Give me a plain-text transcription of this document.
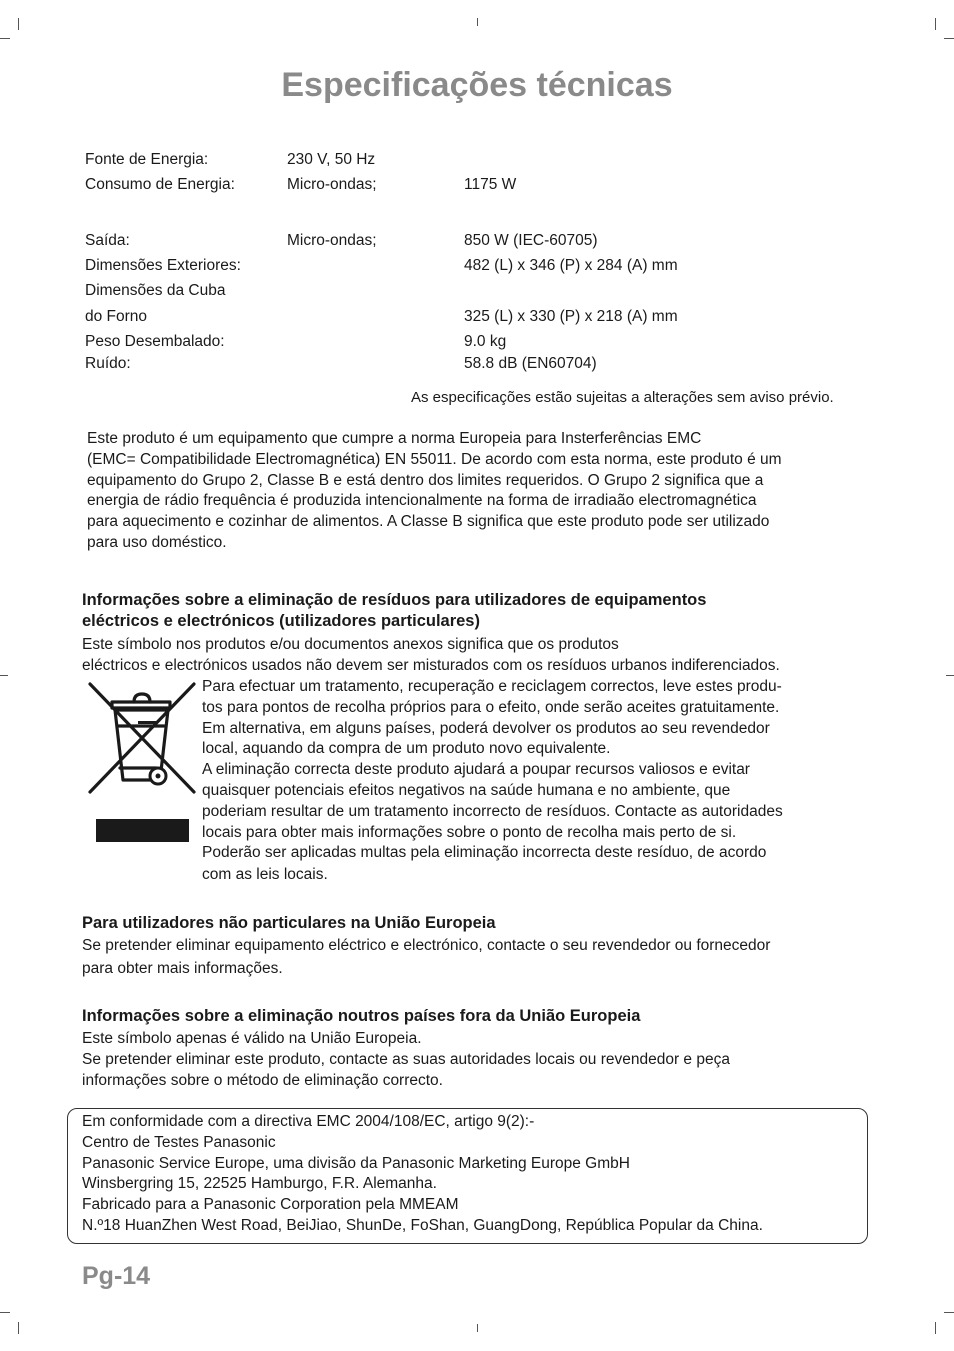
Especificações técnicas
Fonte de Energia:	230 V, 50 Hz
Consumo de Energia:	Micro-ondas;	1175 W
Saída:	Micro-ondas;	850 W (IEC-60705)
Dimensões Exteriores:	482 (L) x 346 (P) x 284 (A) mm
Dimensões da Cuba
do Forno	325 (L) x 330 (P) x 218 (A) mm
Peso Desembalado:	9.0 kg
Ruído:	58.8 dB (EN60704)
As especificações estão sujeitas a alterações sem aviso prévio.
Este produto é um equipamento que cumpre a norma Europeia para Insterferências EMC
(EMC= Compatibilidade Electromagnética) EN 55011. De acordo com esta norma, este produto é um
equipamento do Grupo 2, Classe B e está dentro dos limites requeridos. O Grupo 2 significa que a
energia de rádio frequência é produzida intencionalmente na forma de irradiaão electromagnética
para aquecimento e cozinhar de alimentos. A Classe B significa que este produto pode ser utilizado
para uso doméstico.
Informações sobre a eliminação de resíduos para utilizadores de equipamentos
eléctricos e electrónicos (utilizadores particulares)
Este símbolo nos produtos e/ou documentos anexos significa que os produtos
eléctricos e electrónicos usados não devem ser misturados com os resíduos urbanos indiferenciados.
Para efectuar um tratamento, recuperação e reciclagem correctos, leve estes produ-
tos para pontos de recolha próprios para o efeito, onde serão aceites gratuitamente.
Em alternativa, em alguns países, poderá devolver os produtos ao seu revendedor
local, aquando da compra de um produto novo equivalente.
A eliminação correcta deste produto ajudará a poupar recursos valiosos e evitar
quaisquer potenciais efeitos negativos na saúde humana e no ambiente, que
poderiam resultar de um tratamento incorrecto de resíduos. Contacte as autoridades
locais para obter mais informações sobre o ponto de recolha mais perto de si.
Poderão ser aplicadas multas pela eliminação incorrecta deste resíduo, de acordo
com as leis locais.
Para utilizadores não particulares na União Europeia
Se pretender eliminar equipamento eléctrico e electrónico, contacte o seu revendedor ou fornecedor
para obter mais informações.
Informações sobre a eliminação noutros países fora da União Europeia
Este símbolo apenas é válido na União Europeia.
Se pretender eliminar este produto, contacte as suas autoridades locais ou revendedor e peça
informações sobre o método de eliminação correcto.
Em conformidade com a directiva EMC 2004/108/EC, artigo 9(2):-
Centro de Testes Panasonic
Panasonic Service Europe, uma divisão da Panasonic Marketing Europe GmbH
Winsbergring 15, 22525 Hamburgo, F.R. Alemanha.
Fabricado para a Panasonic Corporation pela MMEAM
N.º18 HuanZhen West Road, BeiJiao, ShunDe, FoShan, GuangDong, República Popular da China.
Pg-14
